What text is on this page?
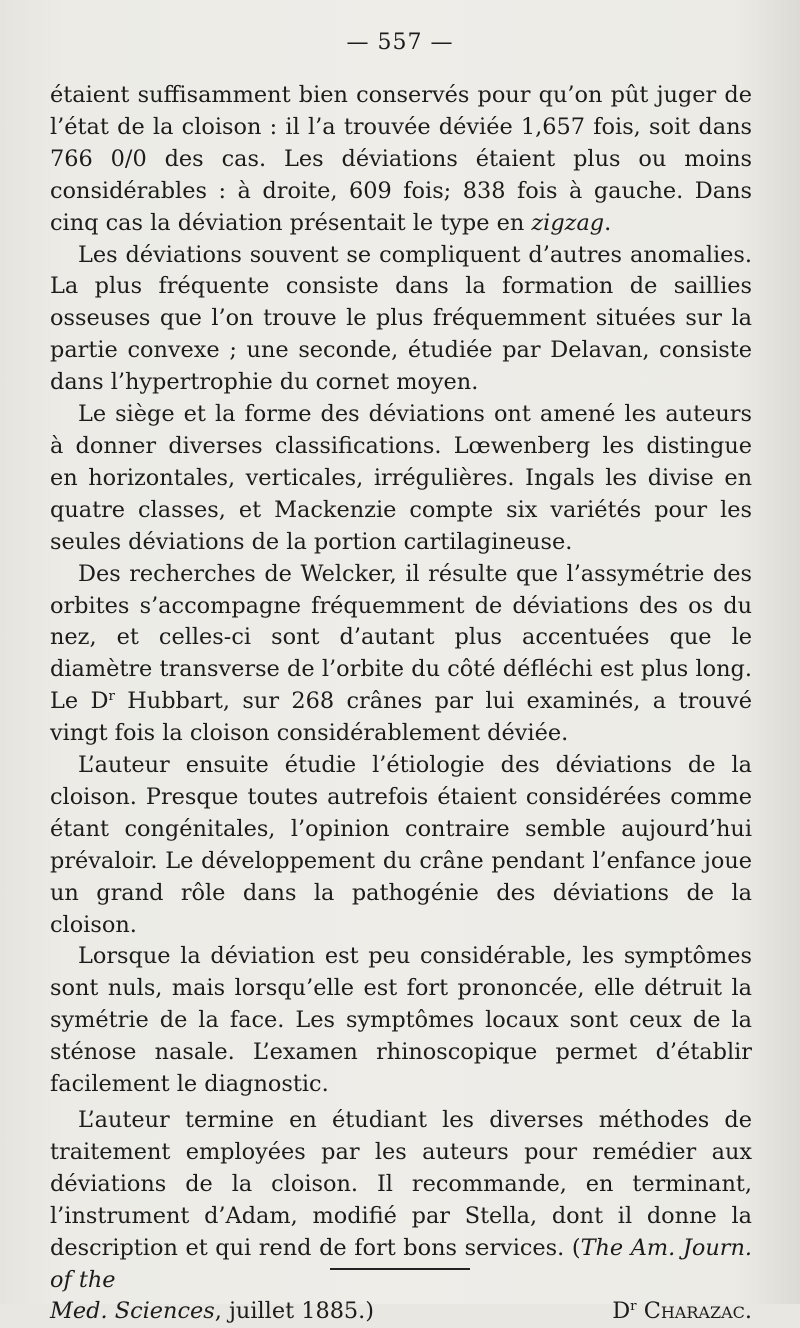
— 557 —

étaient suffisamment bien conservés pour qu’on pût juger de l’état de la cloison : il l’a trouvée déviée 1,657 fois, soit dans 766 0/0 des cas. Les déviations étaient plus ou moins considérables : à droite, 609 fois; 838 fois à gauche. Dans cinq cas la déviation présentait le type en zigzag.

Les déviations souvent se compliquent d’autres anomalies. La plus fréquente consiste dans la formation de saillies osseuses que l’on trouve le plus fréquemment situées sur la partie convexe ; une seconde, étudiée par Delavan, consiste dans l’hypertrophie du cornet moyen.

Le siège et la forme des déviations ont amené les auteurs à donner diverses classifications. Lœwenberg les distingue en horizontales, verticales, irrégulières. Ingals les divise en quatre classes, et Mackenzie compte six variétés pour les seules déviations de la portion cartilagineuse.

Des recherches de Welcker, il résulte que l’assymétrie des orbites s’accompagne fréquemment de déviations des os du nez, et celles-ci sont d’autant plus accentuées que le diamètre transverse de l’orbite du côté défléchi est plus long. Le $D^r$ Hubbart, sur 268 crânes par lui examinés, a trouvé vingt fois la cloison considérablement déviée.

L’auteur ensuite étudie l’étiologie des déviations de la cloison. Presque toutes autrefois étaient considérées comme étant congénitales, l’opinion contraire semble aujourd’hui prévaloir. Le développement du crâne pendant l’enfance joue un grand rôle dans la pathogénie des déviations de la cloison.

Lorsque la déviation est peu considérable, les symptômes sont nuls, mais lorsqu’elle est fort prononcée, elle détruit la symétrie de la face. Les symptômes locaux sont ceux de la sténose nasale. L’examen rhinoscopique permet d’établir facilement le diagnostic.

L’auteur termine en étudiant les diverses méthodes de traitement employées par les auteurs pour remédier aux déviations de la cloison. Il recommande, en terminant, l’instrument d’Adam, modifié par Stella, dont il donne la description et qui rend de fort bons services. (The Am. Journ. of the

Med. Sciences, juillet 1885.)	$D^r$ Charazac.
